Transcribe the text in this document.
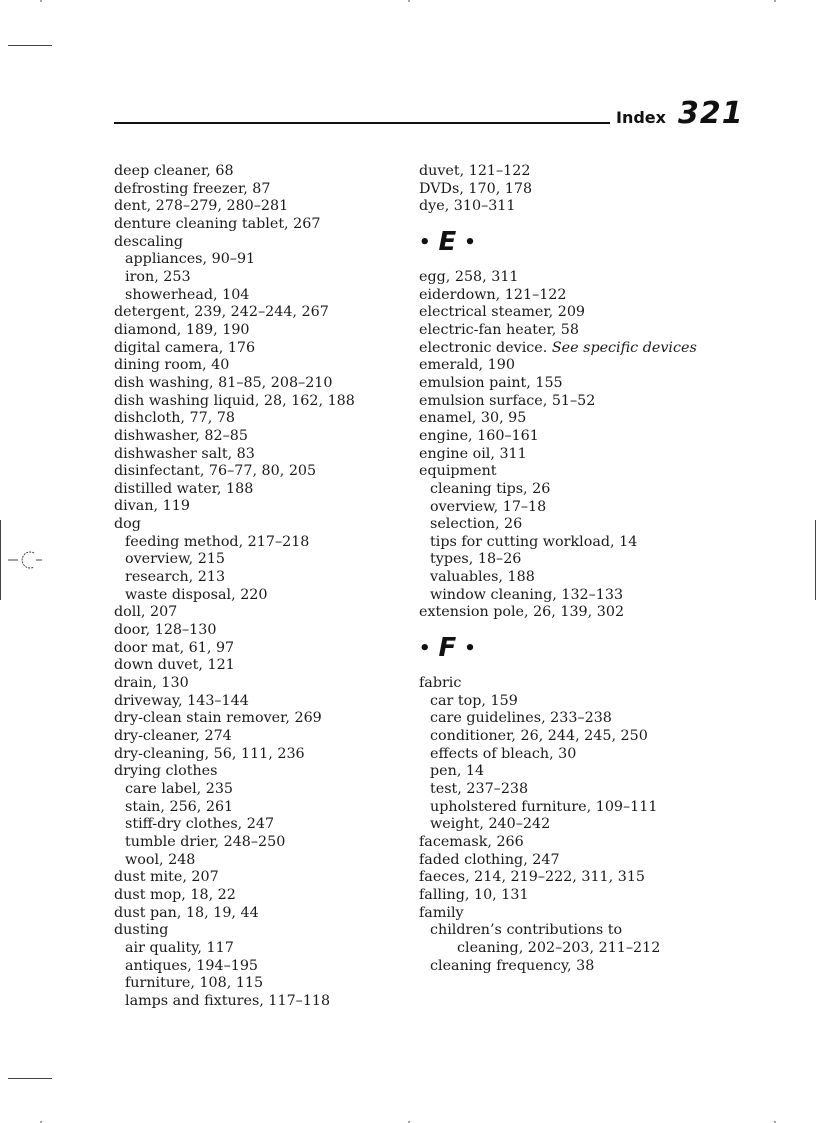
Index 321
deep cleaner, 68
defrosting freezer, 87
dent, 278–279, 280–281
denture cleaning tablet, 267
descaling
appliances, 90–91
iron, 253
showerhead, 104
detergent, 239, 242–244, 267
diamond, 189, 190
digital camera, 176
dining room, 40
dish washing, 81–85, 208–210
dish washing liquid, 28, 162, 188
dishcloth, 77, 78
dishwasher, 82–85
dishwasher salt, 83
disinfectant, 76–77, 80, 205
distilled water, 188
divan, 119
dog
feeding method, 217–218
overview, 215
research, 213
waste disposal, 220
doll, 207
door, 128–130
door mat, 61, 97
down duvet, 121
drain, 130
driveway, 143–144
dry-clean stain remover, 269
dry-cleaner, 274
dry-cleaning, 56, 111, 236
drying clothes
care label, 235
stain, 256, 261
stiff-dry clothes, 247
tumble drier, 248–250
wool, 248
dust mite, 207
dust mop, 18, 22
dust pan, 18, 19, 44
dusting
air quality, 117
antiques, 194–195
furniture, 108, 115
lamps and fixtures, 117–118
duvet, 121–122
DVDs, 170, 178
dye, 310–311
• E •
egg, 258, 311
eiderdown, 121–122
electrical steamer, 209
electric-fan heater, 58
electronic device. See specific devices
emerald, 190
emulsion paint, 155
emulsion surface, 51–52
enamel, 30, 95
engine, 160–161
engine oil, 311
equipment
cleaning tips, 26
overview, 17–18
selection, 26
tips for cutting workload, 14
types, 18–26
valuables, 188
window cleaning, 132–133
extension pole, 26, 139, 302
• F •
fabric
car top, 159
care guidelines, 233–238
conditioner, 26, 244, 245, 250
effects of bleach, 30
pen, 14
test, 237–238
upholstered furniture, 109–111
weight, 240–242
facemask, 266
faded clothing, 247
faeces, 214, 219–222, 311, 315
falling, 10, 131
family
children’s contributions to
cleaning, 202–203, 211–212
cleaning frequency, 38
